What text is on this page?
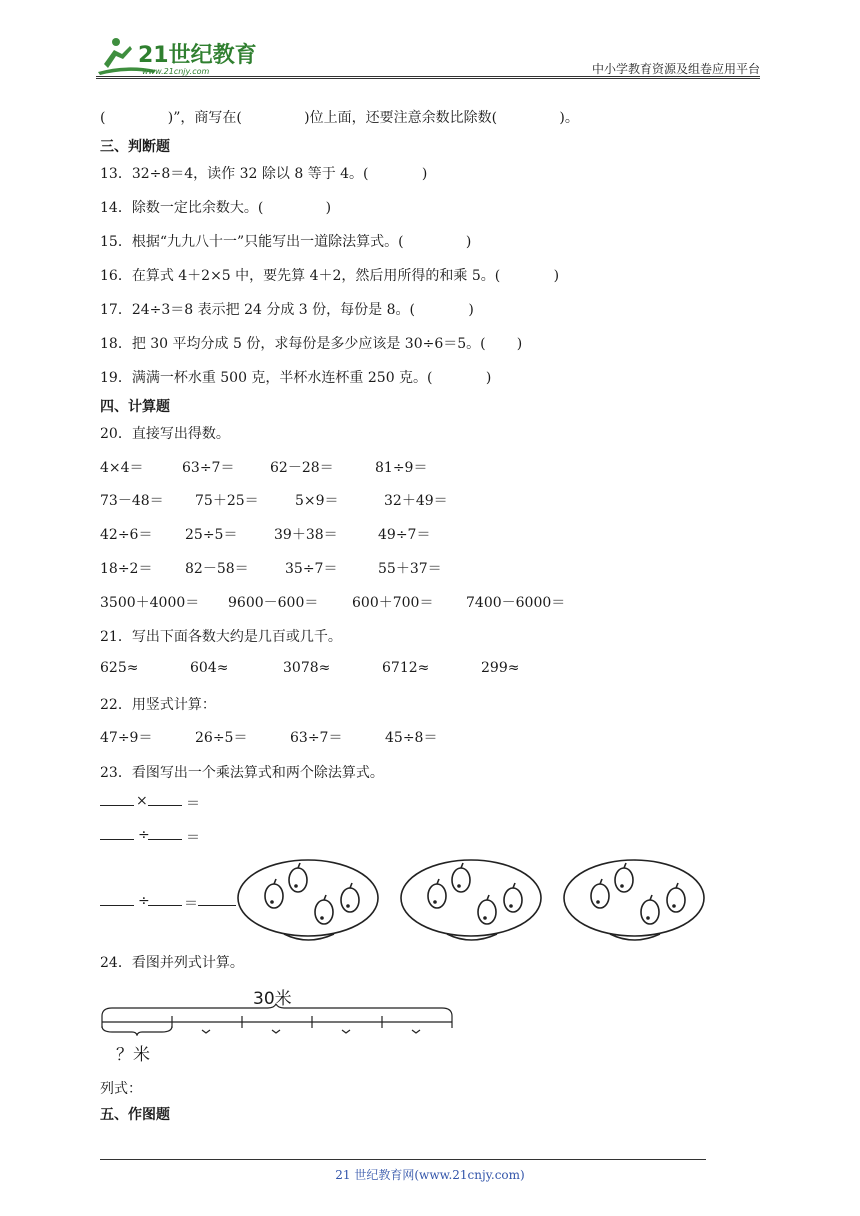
21世纪教育
www.21cnjy.com	中小学教育资源及组卷应用平台
(              )”，商写在(              )位上面，还要注意余数比除数(              )。
三、判断题
13．32÷8＝4，读作 32 除以 8 等于 4。(            )
14．除数一定比余数大。(              )
15．根据“九九八十一”只能写出一道除法算式。(              )
16．在算式 4＋2×5 中，要先算 4＋2，然后用所得的和乘 5。(            )
17．24÷3＝8 表示把 24 分成 3 份，每份是 8。(            )
18．把 30 平均分成 5 份，求每份是多少应该是 30÷6＝5。(       )
19．满满一杯水重 500 克，半杯水连杯重 250 克。(            )
四、计算题
20．直接写出得数。
4×4＝	63÷7＝	62－28＝	81÷9＝
73－48＝ 75＋25＝	5×9＝	32＋49＝
42÷6＝ 25÷5＝	39＋38＝	49÷7＝
18÷2＝ 82－58＝	35÷7＝	55＋37＝
3500＋4000＝ 9600－600＝ 600＋700＝ 7400－6000＝
21．写出下面各数大约是几百或几千。
625≈	604≈	3078≈	6712≈	299≈
22．用竖式计算：
47÷9＝	26÷5＝	63÷7＝	45÷8＝
23．看图写出一个乘法算式和两个除法算式。
×	＝
÷	＝
÷ ＝
24．看图并列式计算。
30米
？米
列式：
五、作图题
21 世纪教育网(www.21cnjy.com)
